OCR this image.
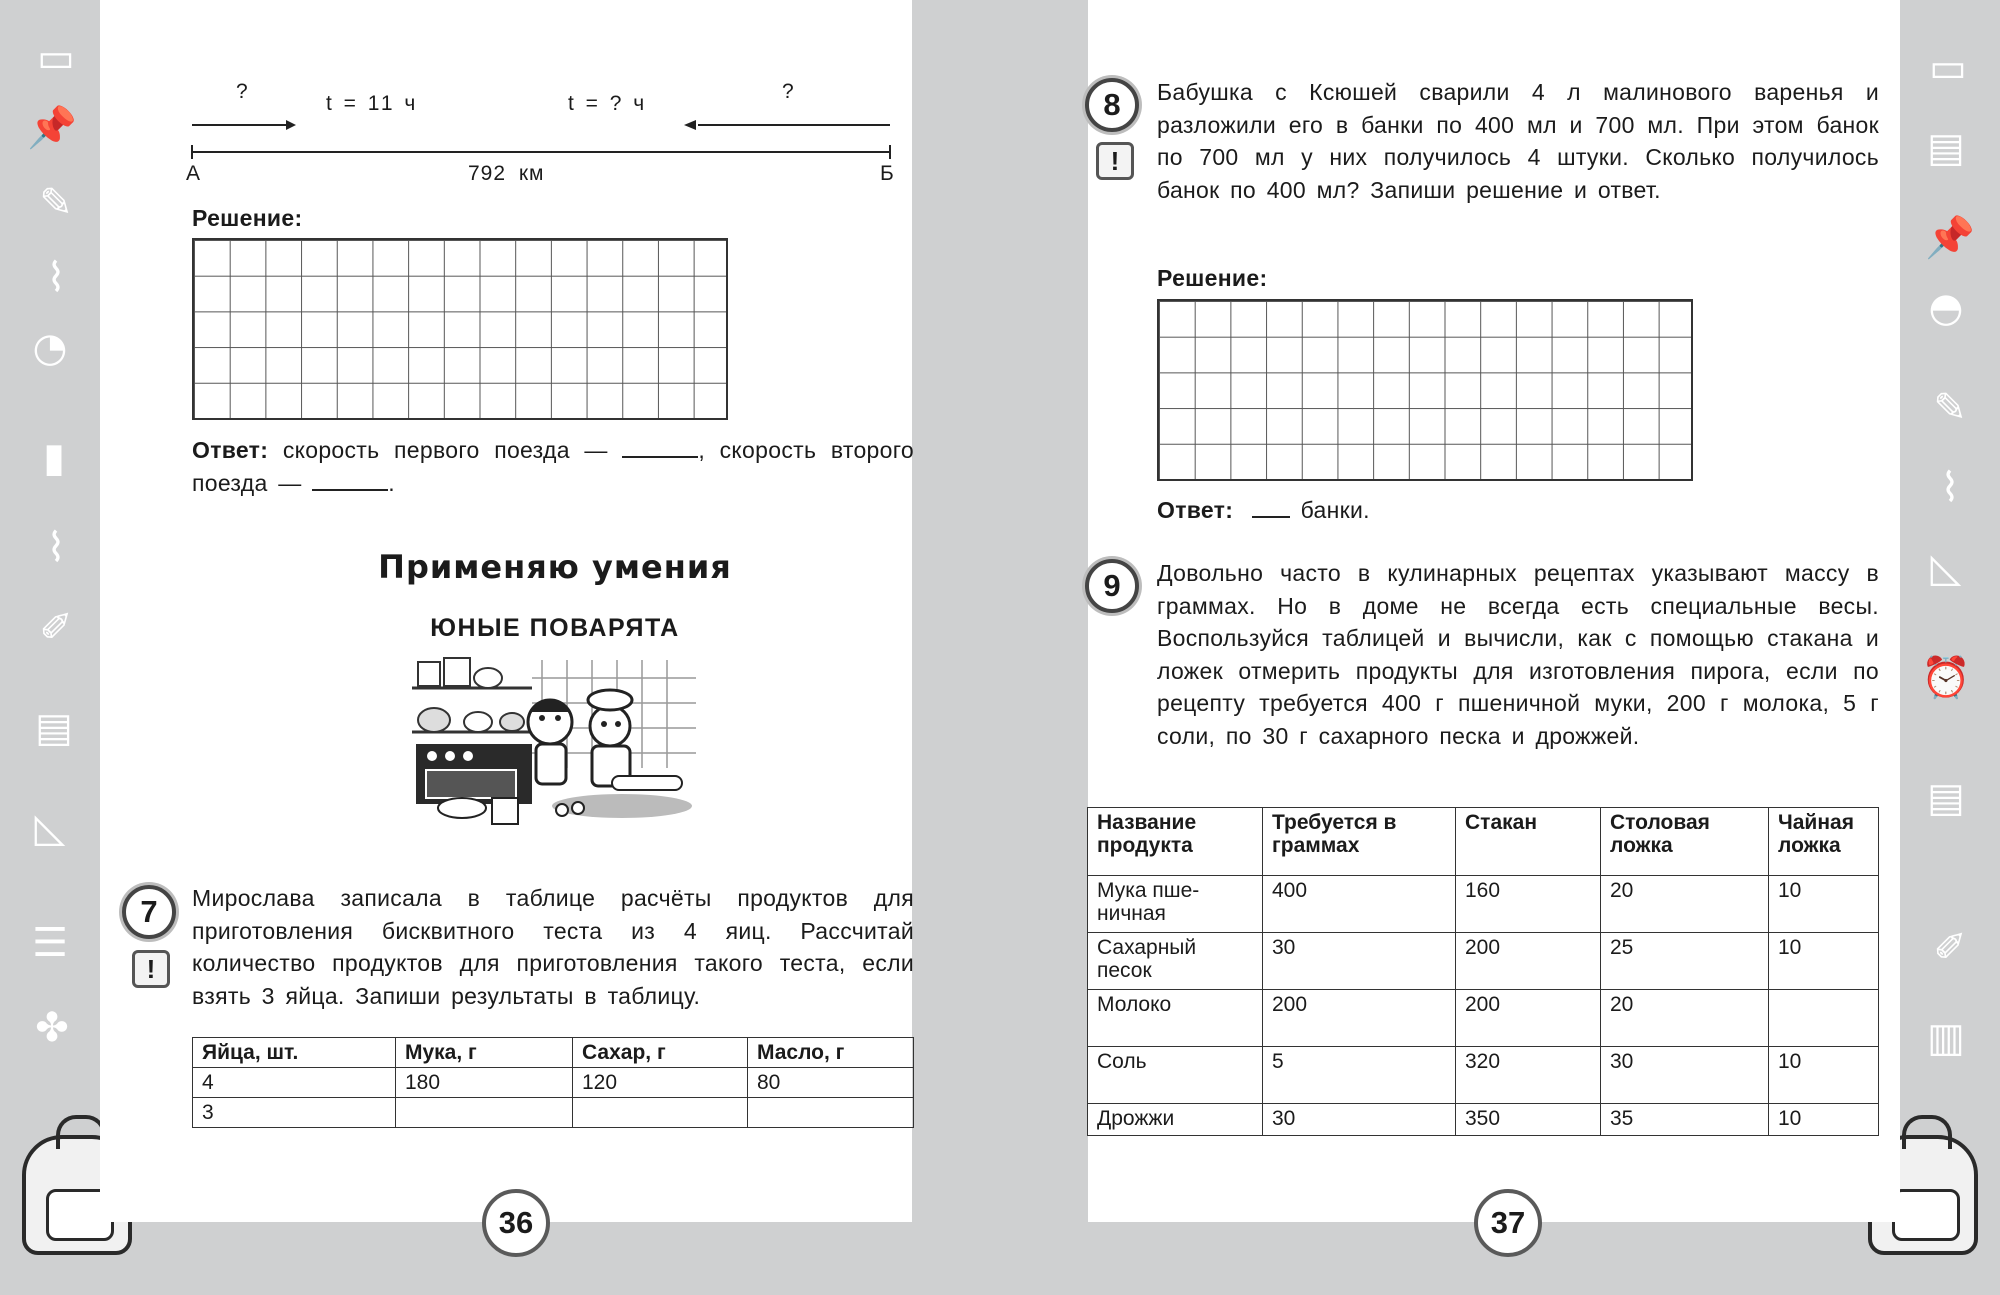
▭
📌
✎
⌇
◔
▮
⌇
✐
▤
◺
☰
✤
▭
▤
📌
◓
✎
⌇
◺
⏰
▤
✐
▥
?
t = 11 ч	t = ? ч
?
А	792 км	Б
Решение:
Ответ: скорость первого поезда —	, скорость второго поезда —	.
Применяю умения
ЮНЫЕ ПОВАРЯТА
7
!
Мирослава записала в таблице расчёты продуктов для приготовления бисквитного теста из 4 яиц. Рассчитай количество продуктов для приготовления такого теста, если взять 3 яйца. Запиши результаты в таблицу.
Яйца, шт.	Мука, г	Сахар, г	Масло, г
4	180	120	80
3			
36
8
!
Бабушка с Ксюшей сварили 4 л малинового варенья и разложили его в банки по 400 мл и 700 мл. При этом банок по 700 мл у них получилось 4 штуки. Сколько получилось банок по 400 мл? Запиши решение и ответ.
Решение:
Ответ:  банки.
9	Довольно часто в кулинарных рецептах указывают массу в граммах. Но в доме не всегда есть специальные весы. Воспользуйся таблицей и вычисли, как с помощью стакана и ложек отмерить продукты для изготовления пирога, если по рецепту требуется 400 г пшеничной муки, 200 г молока, 5 г соли, по 30 г сахарного песка и дрожжей.
Название продукта	Требуется в граммах	Стакан	Столовая ложка	Чайная ложка
Мука пше-ничная	400	160	20	10
Сахарный песок	30	200	25	10
Молоко	200	200	20	
Соль	5	320	30	10
Дрожжи	30	350	35	10
37
